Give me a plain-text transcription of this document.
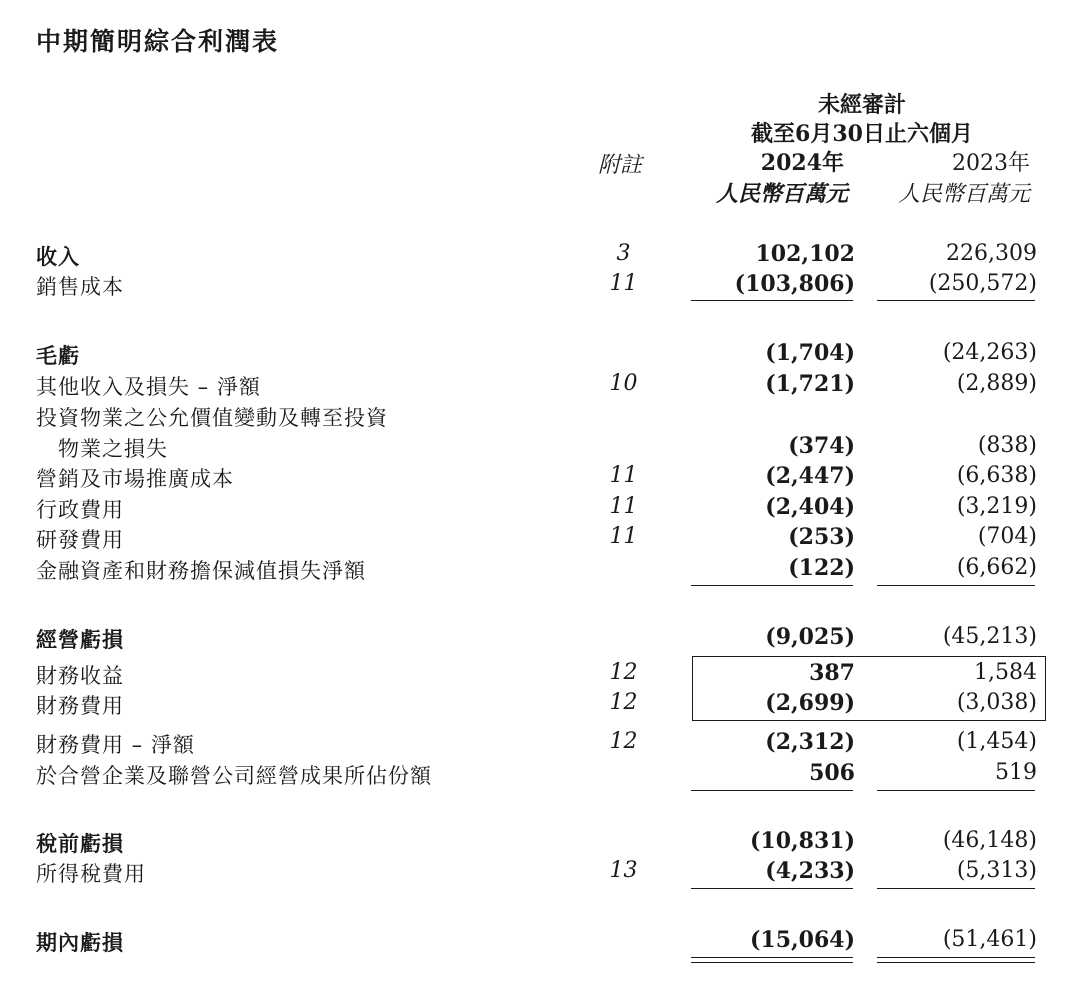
中期簡明綜合利潤表
未經審計
截至6月30日止六個月
附註	2024年	2023年
人民幣百萬元 人民幣百萬元
收入	3	102,102	226,309
銷售成本	11	(103,806)	(250,572)
毛虧	(1,704)	(24,263)
其他收入及損失 – 淨額	10	(1,721)	(2,889)
投資物業之公允價值變動及轉至投資
物業之損失	(374)	(838)
營銷及市場推廣成本	11	(2,447)	(6,638)
行政費用	11	(2,404)	(3,219)
研發費用	11	(253)	(704)
金融資產和財務擔保減值損失淨額	(122)	(6,662)
經營虧損	(9,025)	(45,213)
財務收益	12	387	1,584
財務費用	12	(2,699)	(3,038)
財務費用 – 淨額	12	(2,312)	(1,454)
於合營企業及聯營公司經營成果所佔份額	506	519
稅前虧損	(10,831)	(46,148)
所得稅費用	13	(4,233)	(5,313)
期內虧損	(15,064)	(51,461)
